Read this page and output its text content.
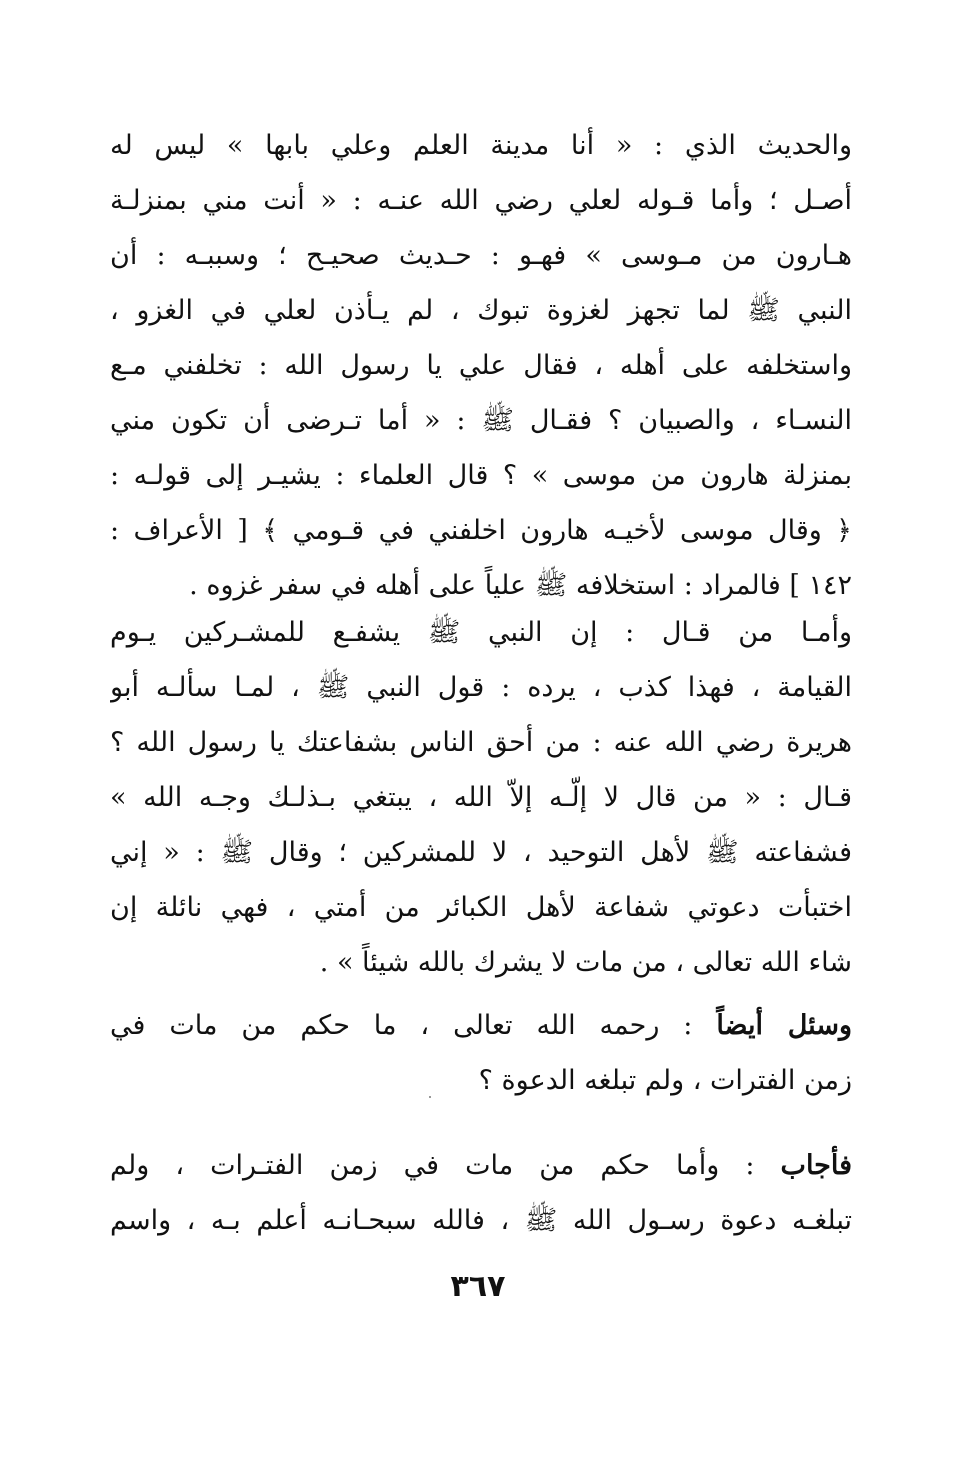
والحديث الذي : « أنا مدينة العلم وعلي بابها » ليس له
أصـل ؛ وأما قـوله لعلي رضي الله عنـه : « أنت مني بمنزلـة
هـارون من مـوسى » فهـو : حـديث صحيـح ؛ وسببـه : أن
النبي ﷺ لما تجهز لغزوة تبوك ، لم يـأذن لعلي في الغزو ،
واستخلفه على أهله ، فقال علي يا رسول الله : تخلفني مـع
النسـاء ، والصبيان ؟ فقـال ﷺ : « أما تـرضى أن تكون مني
بمنزلة هارون من موسى » ؟ قال العلماء : يشيـر إلى قولـه :
﴿ وقال موسى لأخيـه هارون اخلفني في قـومي ﴾ [ الأعراف :
١٤٢ ] فالمراد : استخلافه ﷺ علياً على أهله في سفر غزوه .
وأمـا من قـال : إن النبي ﷺ يشفـع للمشـركين يـوم
القيامة ، فهذا كذب ، يرده : قول النبي ﷺ ، لمـا سألـه أبو
هريرة رضي الله عنه : من أحق الناس بشفاعتك يا رسول الله ؟
قـال : « من قال لا إلّـه إلاّ الله ، يبتغي بـذلـك وجـه الله »
فشفاعته ﷺ لأهل التوحيد ، لا للمشركين ؛ وقال ﷺ : « إني
اختبأت دعوتي شفاعة لأهل الكبائر من أمتي ، فهي نائلة إن
شاء الله تعالى ، من مات لا يشرك بالله شيئاً » .
وسئل أيضاً : رحمه الله تعالى ، ما حكم من مات في
زمن الفترات ، ولم تبلغه الدعوة ؟
فأجاب : وأما حكم من مات في زمن الفتـرات ، ولم
تبلغـه دعوة رسـول الله ﷺ ، فالله سبحـانـه أعلم بـه ، واسم
٣٦٧
